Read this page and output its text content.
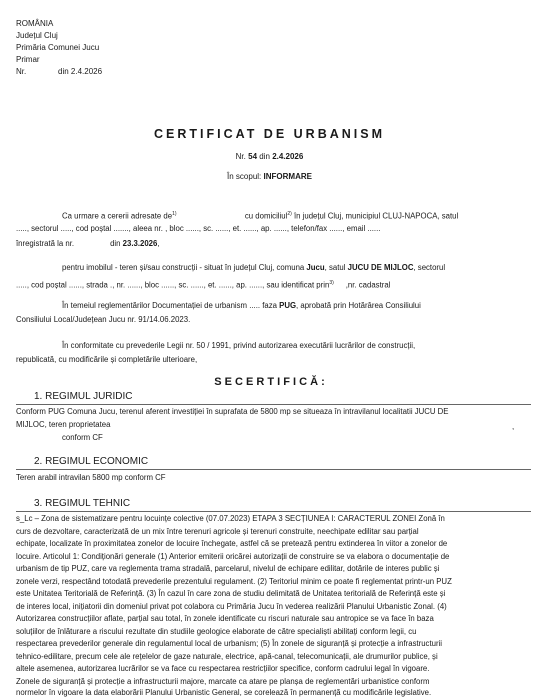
ROMÂNIA
Județul Cluj
Primăria Comunei Jucu
Primar
Nr.	din 2.4.2026
CERTIFICAT DE URBANISM
Nr. 54 din 2.4.2026
În scopul: INFORMARE
Ca urmare a cererii adresate $de^{1)}$	cu domiciliul$^{2)}$ în județul Cluj, municipiul CLUJ-NAPOCA, satul
....., sectorul ....., cod poștal ......., aleea nr. , bloc ......, sc. ......, et. ......, ap. ......, telefon/fax ......, email ......
înregistrată la nr.	din 23.3.2026,
pentru imobilul - teren și/sau construcții - situat în județul Cluj, comuna Jucu, satul JUCU DE MIJLOC, sectorul
....., cod poștal ......, strada ., nr. ......, bloc ......, sc. ......, et. ......, ap. ......, sau identificat prin$^{3)}$ ,nr. cadastral
În temeiul reglementărilor Documentației de urbanism ..... faza PUG, aprobată prin Hotărârea Consiliului
Consiliului Local/Județean Jucu nr. 91/14.06.2023.
În conformitate cu prevederile Legii nr. 50 / 1991, privind autorizarea executării lucrărilor de construcții,
republicată, cu modificările și completările ulterioare,
S E C E R T I F I C Ă :
1. REGIMUL JURIDIC
Conform PUG Comuna Jucu, terenul aferent investiției în suprafata de 5800 mp se situeaza în intravilanul localitatii JUCU DE
MIJLOC, teren proprietatea
conform CF
,
2. REGIMUL ECONOMIC
Teren arabil intravilan 5800 mp conform CF
3. REGIMUL TEHNIC
s_Lc – Zona de sistematizare pentru locuințe colective (07.07.2023) ETAPA 3 SECȚIUNEA I: CARACTERUL ZONEI Zonă în
curs de dezvoltare, caracterizată de un mix între terenuri agricole și terenuri construite, neechipate edilitar sau parțial
echipate, localizate în proximitatea zonelor de locuire închegate, astfel că se pretează pentru extinderea în viitor a zonelor de
locuire. Articolul 1: Condiționări generale (1) Anterior emiterii oricărei autorizații de construire se va elabora o documentație de
urbanism de tip PUZ, care va reglementa trama stradală, parcelarul, nivelul de echipare edilitar, dotările de interes public și
zonele verzi, respectând totodată prevederile prezentului regulament. (2) Teritoriul minim ce poate fi reglementat printr-un PUZ
este Unitatea Teritorială de Referință. (3) În cazul în care zona de studiu delimitată de Unitatea teritorială de Referință este și
de interes local, inițiatorii din domeniul privat pot colabora cu Primăria Jucu în vederea realizării Planului Urbanistic Zonal. (4)
Autorizarea construcțiilor aflate, parțial sau total, în zonele identificate cu riscuri naturale sau antropice se va face în baza
soluțiilor de înlăturare a riscului rezultate din studiile geologice elaborate de către specialiști abilitați conform legii, cu
respectarea prevederilor generale din regulamentul local de urbanism; (5) În zonele de siguranță și protecție a infrastructurii
tehnico-edilitare, precum cele ale rețelelor de gaze naturale, electrice, apă-canal, telecomunicații, ale drumurilor publice, și
altele asemenea, autorizarea lucrărilor se va face cu respectarea restricțiilor specifice, conform cadrului legal în vigoare.
Zonele de siguranță și protecție a infrastructurii majore, marcate ca atare pe planșa de reglementări urbanistice conform
normelor în vigoare la data elaborării Planului Urbanistic General, se corelează în permanență cu modificările legislative.
